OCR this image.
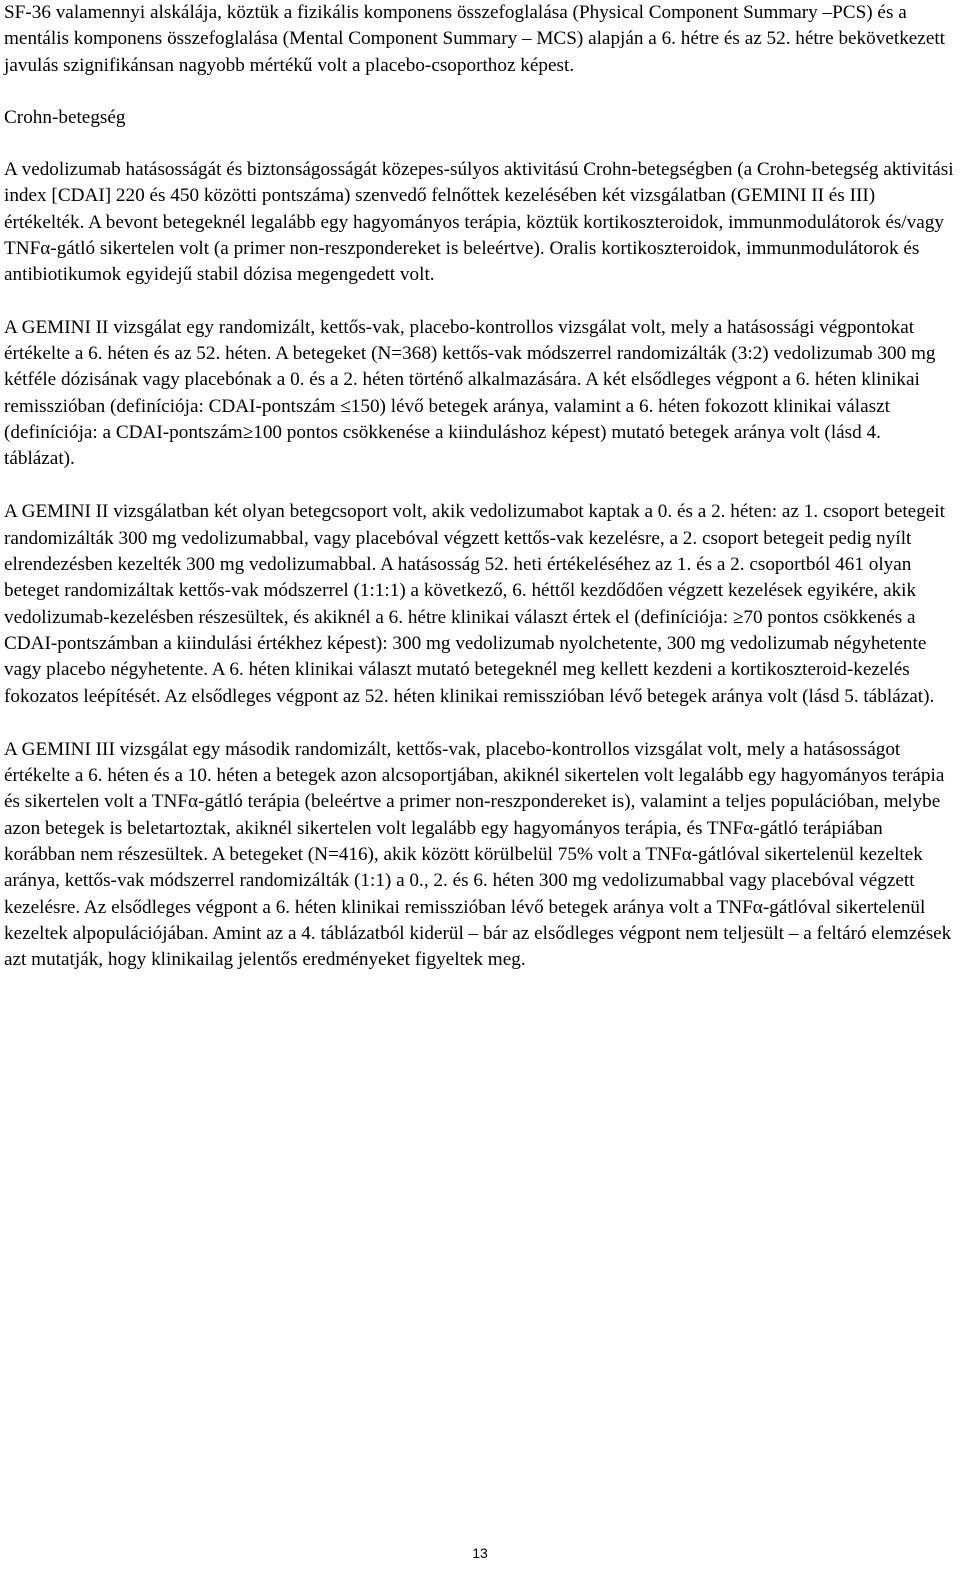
SF-36 valamennyi alskálája, köztük a fizikális komponens összefoglalása (Physical Component Summary –PCS) és a mentális komponens összefoglalása (Mental Component Summary – MCS) alapján a 6. hétre és az 52. hétre bekövetkezett javulás szignifikánsan nagyobb mértékű volt a placebo-csoporthoz képest.

Crohn-betegség

A vedolizumab hatásosságát és biztonságosságát közepes-súlyos aktivitású Crohn-betegségben (a Crohn-betegség aktivitási index [CDAI] 220 és 450 közötti pontszáma) szenvedő felnőttek kezelésében két vizsgálatban (GEMINI II és III) értékelték. A bevont betegeknél legalább egy hagyományos terápia, köztük kortikoszteroidok, immunmodulátorok és/vagy TNFα-gátló sikertelen volt (a primer non-reszpondereket is beleértve). Oralis kortikoszteroidok, immunmodulátorok és antibiotikumok egyidejű stabil dózisa megengedett volt.

A GEMINI II vizsgálat egy randomizált, kettős-vak, placebo-kontrollos vizsgálat volt, mely a hatásossági végpontokat értékelte a 6. héten és az 52. héten. A betegeket (N=368) kettős-vak módszerrel randomizálták (3:2) vedolizumab 300 mg kétféle dózisának vagy placebónak a 0. és a 2. héten történő alkalmazására. A két elsődleges végpont a 6. héten klinikai remisszióban (definíciója: CDAI-pontszám ≤150) lévő betegek aránya, valamint a 6. héten fokozott klinikai választ (definíciója: a CDAI-pontszám≥100 pontos csökkenése a kiinduláshoz képest) mutató betegek aránya volt (lásd 4. táblázat).

A GEMINI II vizsgálatban két olyan betegcsoport volt, akik vedolizumabot kaptak a 0. és a 2. héten: az 1. csoport betegeit randomizálták 300 mg vedolizumabbal, vagy placebóval végzett kettős-vak kezelésre, a 2. csoport betegeit pedig nyílt elrendezésben kezelték 300 mg vedolizumabbal. A hatásosság 52. heti értékeléséhez az 1. és a 2. csoportból 461 olyan beteget randomizáltak kettős-vak módszerrel (1:1:1) a következő, 6. héttől kezdődően végzett kezelések egyikére, akik vedolizumab-kezelésben részesültek, és akiknél a 6. hétre klinikai választ értek el (definíciója: ≥70 pontos csökkenés a CDAI-pontszámban a kiindulási értékhez képest): 300 mg vedolizumab nyolchetente, 300 mg vedolizumab négyhetente vagy placebo négyhetente. A 6. héten klinikai választ mutató betegeknél meg kellett kezdeni a kortikoszteroid-kezelés fokozatos leépítését. Az elsődleges végpont az 52. héten klinikai remisszióban lévő betegek aránya volt (lásd 5. táblázat).

A GEMINI III vizsgálat egy második randomizált, kettős-vak, placebo-kontrollos vizsgálat volt, mely a hatásosságot értékelte a 6. héten és a 10. héten a betegek azon alcsoportjában, akiknél sikertelen volt legalább egy hagyományos terápia és sikertelen volt a TNFα-gátló terápia (beleértve a primer non-reszpondereket is), valamint a teljes populációban, melybe azon betegek is beletartoztak, akiknél sikertelen volt legalább egy hagyományos terápia, és TNFα-gátló terápiában korábban nem részesültek. A betegeket (N=416), akik között körülbelül 75% volt a TNFα-gátlóval sikertelenül kezeltek aránya, kettős-vak módszerrel randomizálták (1:1) a 0., 2. és 6. héten 300 mg vedolizumabbal vagy placebóval végzett kezelésre. Az elsődleges végpont a 6. héten klinikai remisszióban lévő betegek aránya volt a TNFα-gátlóval sikertelenül kezeltek alpopulációjában. Amint az a 4. táblázatból kiderül – bár az elsődleges végpont nem teljesült – a feltáró elemzések azt mutatják, hogy klinikailag jelentős eredményeket figyeltek meg.

13
